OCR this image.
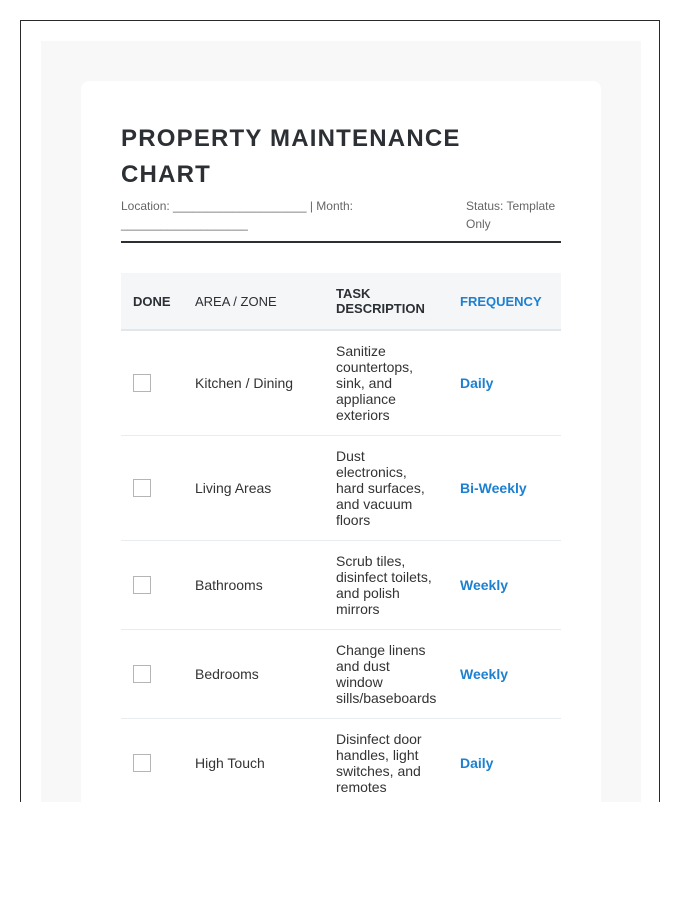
PROPERTY MAINTENANCE CHART
Location: ____________________ | Month: ___________________
Status: Template Only
DONE	AREA / ZONE	TASK DESCRIPTION	FREQUENCY
	Kitchen / Dining	Sanitize countertops, sink, and appliance exteriors	Daily
	Living Areas	Dust electronics, hard surfaces, and vacuum floors	Bi-Weekly
	Bathrooms	Scrub tiles, disinfect toilets, and polish mirrors	Weekly
	Bedrooms	Change linens and dust window sills/baseboards	Weekly
	High Touch	Disinfect door handles, light switches, and remotes	Daily
